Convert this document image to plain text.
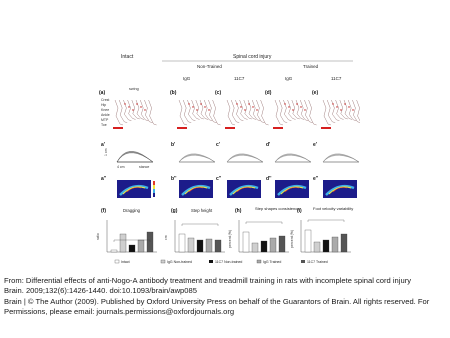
Intact	Spinal cord injury
Non-Trained	Trained
IgG	11C7	IgG	11C7
(a)	(b)	(c)	(d)	(e)
Crest
Hip
Knee
Ankle
MTP
Toe
swing
a'	b'	c'	d'	e'
1 cm
4 cm	stance
a''	b''	c''	d''	e''
(f)	Dragging	(g)	Step height	(h)	Step shapes consistency
(i)	Foot velocity variability
ratio	cm	percent (%)	percent (%)
Intact	IgG Non-trained	11C7 Non-trained	IgG Trained	11C7 Trained
From: Differential effects of anti-Nogo-A antibody treatment and treadmill training in rats with incomplete spinal cord injury
Brain. 2009;132(6):1426-1440. doi:10.1093/brain/awp085
Brain | © The Author (2009). Published by Oxford University Press on behalf of the Guarantors of Brain. All rights reserved. For Permissions, please email: journals.permissions@oxfordjournals.org
